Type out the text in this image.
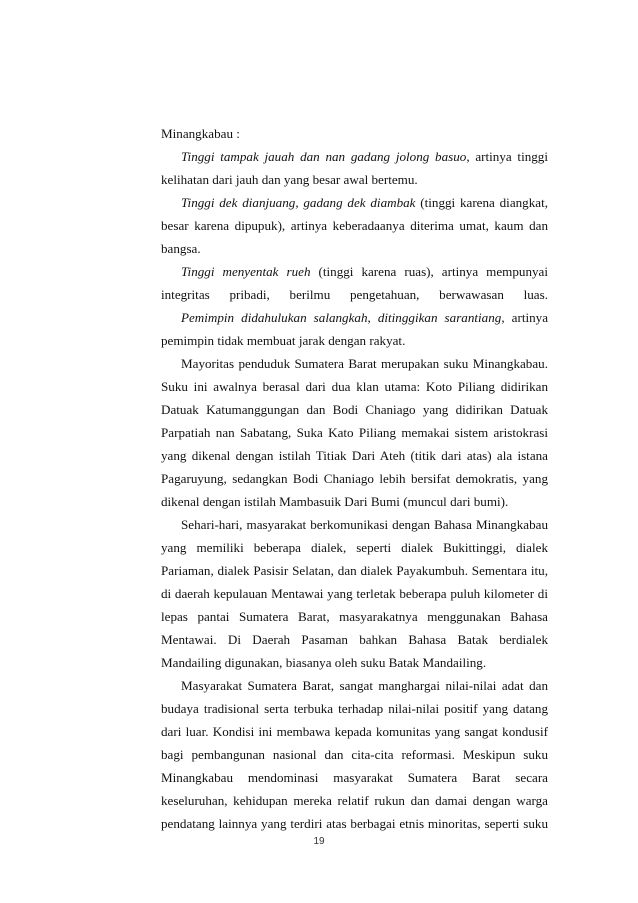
Minangkabau :
Tinggi tampak jauah dan nan gadang jolong basuo, artinya tinggi
kelihatan dari jauh dan yang besar awal bertemu.
Tinggi dek dianjuang, gadang dek diambak (tinggi karena diangkat,
besar karena dipupuk), artinya keberadaanya diterima umat, kaum dan
bangsa.
Tinggi menyentak rueh (tinggi karena ruas), artinya mempunyai
integritas pribadi, berilmu pengetahuan, berwawasan luas.
Pemimpin didahulukan salangkah, ditinggikan sarantiang, artinya
pemimpin tidak membuat jarak dengan rakyat.
Mayoritas penduduk Sumatera Barat merupakan suku Minangkabau.
Suku ini awalnya berasal dari dua klan utama: Koto Piliang didirikan
Datuak Katumanggungan dan Bodi Chaniago yang didirikan Datuak
Parpatiah nan Sabatang, Suka Kato Piliang memakai sistem aristokrasi
yang dikenal dengan istilah Titiak Dari Ateh (titik dari atas) ala istana
Pagaruyung, sedangkan Bodi Chaniago lebih bersifat demokratis, yang
dikenal dengan istilah Mambasuik Dari Bumi (muncul dari bumi).
Sehari-hari, masyarakat berkomunikasi dengan Bahasa Minangkabau
yang memiliki beberapa dialek, seperti dialek Bukittinggi, dialek
Pariaman, dialek Pasisir Selatan, dan dialek Payakumbuh. Sementara itu,
di daerah kepulauan Mentawai yang terletak beberapa puluh kilometer di
lepas pantai Sumatera Barat, masyarakatnya menggunakan Bahasa
Mentawai. Di Daerah Pasaman bahkan Bahasa Batak berdialek
Mandailing digunakan, biasanya oleh suku Batak Mandailing.
Masyarakat Sumatera Barat, sangat manghargai nilai-nilai adat dan
budaya tradisional serta terbuka terhadap nilai-nilai positif yang datang
dari luar. Kondisi ini membawa kepada komunitas yang sangat kondusif
bagi pembangunan nasional dan cita-cita reformasi. Meskipun suku
Minangkabau mendominasi masyarakat Sumatera Barat secara
keseluruhan, kehidupan mereka relatif rukun dan damai dengan warga
pendatang lainnya yang terdiri atas berbagai etnis minoritas, seperti suku
19
